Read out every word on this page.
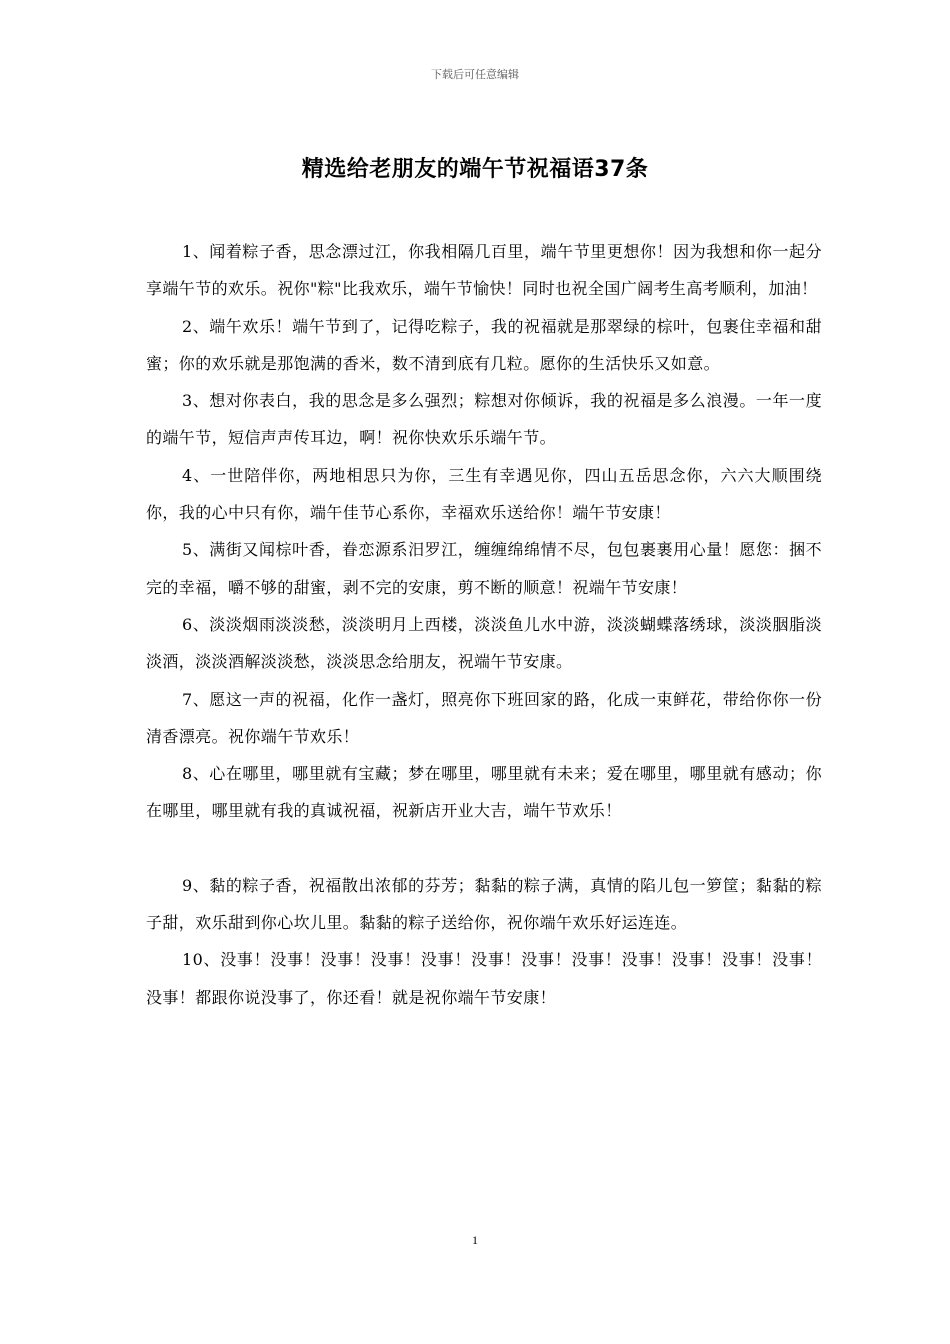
下载后可任意编辑
精选给老朋友的端午节祝福语37条

1、闻着粽子香，思念漂过江，你我相隔几百里，端午节里更想你！因为我想和你一起分享端午节的欢乐。祝你"粽"比我欢乐，端午节愉快！同时也祝全国广阔考生高考顺利，加油！

2、端午欢乐！端午节到了，记得吃粽子，我的祝福就是那翠绿的棕叶，包裹住幸福和甜蜜；你的欢乐就是那饱满的香米，数不清到底有几粒。愿你的生活快乐又如意。

3、想对你表白，我的思念是多么强烈；粽想对你倾诉，我的祝福是多么浪漫。一年一度的端午节，短信声声传耳边，啊！祝你快欢乐乐端午节。

4、一世陪伴你，两地相思只为你，三生有幸遇见你，四山五岳思念你，六六大顺围绕你，我的心中只有你，端午佳节心系你，幸福欢乐送给你！端午节安康！

5、满街又闻棕叶香，眷恋源系汨罗江，缠缠绵绵情不尽，包包裹裹用心量！愿您：捆不完的幸福，嚼不够的甜蜜，剥不完的安康，剪不断的顺意！祝端午节安康！

6、淡淡烟雨淡淡愁，淡淡明月上西楼，淡淡鱼儿水中游，淡淡蝴蝶落绣球，淡淡胭脂淡淡酒，淡淡酒解淡淡愁，淡淡思念给朋友，祝端午节安康。

7、愿这一声的祝福，化作一盏灯，照亮你下班回家的路，化成一束鲜花，带给你你一份清香漂亮。祝你端午节欢乐！

8、心在哪里，哪里就有宝藏；梦在哪里，哪里就有未来；爱在哪里，哪里就有感动；你在哪里，哪里就有我的真诚祝福，祝新店开业大吉，端午节欢乐！

9、黏的粽子香，祝福散出浓郁的芬芳；黏黏的粽子满，真情的陷儿包一箩筐；黏黏的粽子甜，欢乐甜到你心坎儿里。黏黏的粽子送给你，祝你端午欢乐好运连连。

10、没事！没事！没事！没事！没事！没事！没事！没事！没事！没事！没事！没事！没事！都跟你说没事了，你还看！就是祝你端午节安康！

1
